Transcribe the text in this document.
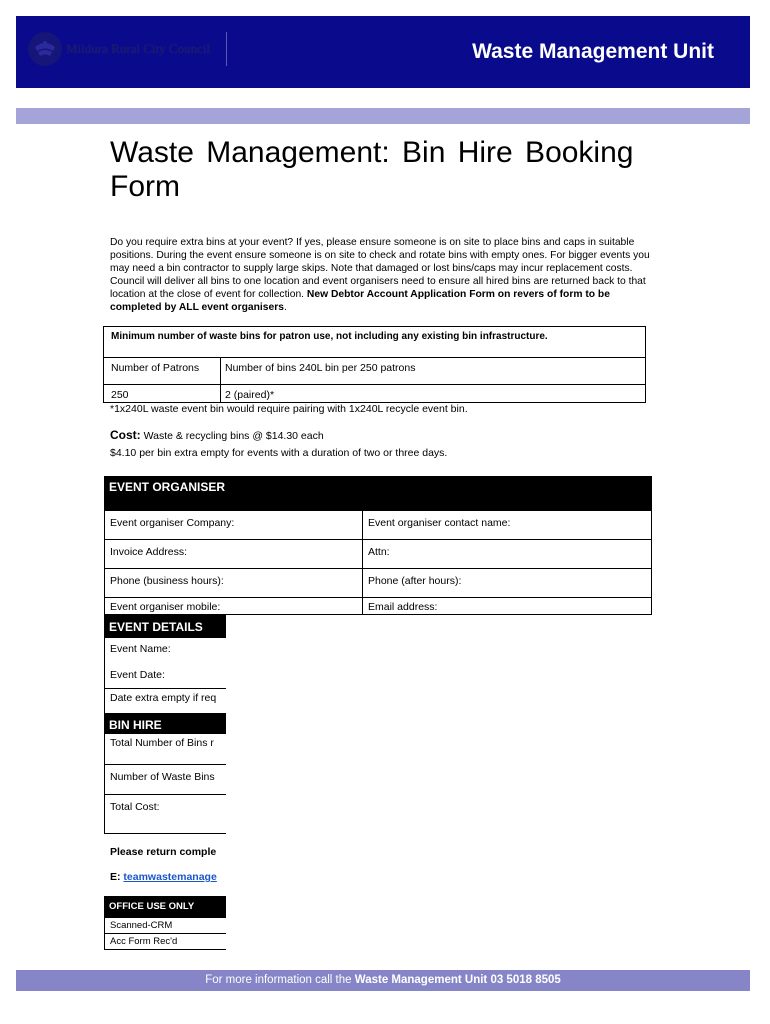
Mildura Rural City Council	Waste Management Unit
Waste Management: Bin Hire Booking Form

Do you require extra bins at your event? If yes, please ensure someone is on site to place bins and caps in suitable positions. During the event ensure someone is on site to check and rotate bins with empty ones. For bigger events you may need a bin contractor to supply large skips. Note that damaged or lost bins/caps may incur replacement costs. Council will deliver all bins to one location and event organisers need to ensure all hired bins are returned back to that location at the close of event for collection. New Debtor Account Application Form on revers of form to be completed by ALL event organisers.

Minimum number of waste bins for patron use, not including any existing bin infrastructure.
Number of Patrons	Number of bins 240L bin per 250 patrons
250	2 (paired)*
*1x240L waste event bin would require pairing with 1x240L recycle event bin.
Cost: Waste & recycling bins @ $14.30 each
$4.10 per bin extra empty for events with a duration of two or three days.
EVENT ORGANISER
Event organiser Company:	Event organiser contact name:
Invoice Address:	Attn:
Phone (business hours):	Phone (after hours):
Event organiser mobile:	Email address:
EVENT DETAILS
Event Name:
Event Date:
Date extra empty if req
BIN HIRE
Total Number of Bins r
Number of Waste Bins
Total Cost:
Please return comple
E: teamwastemanage
OFFICE USE ONLY
Scanned-CRM
Acc Form Rec'd
For more information call the Waste Management Unit 03 5018 8505
